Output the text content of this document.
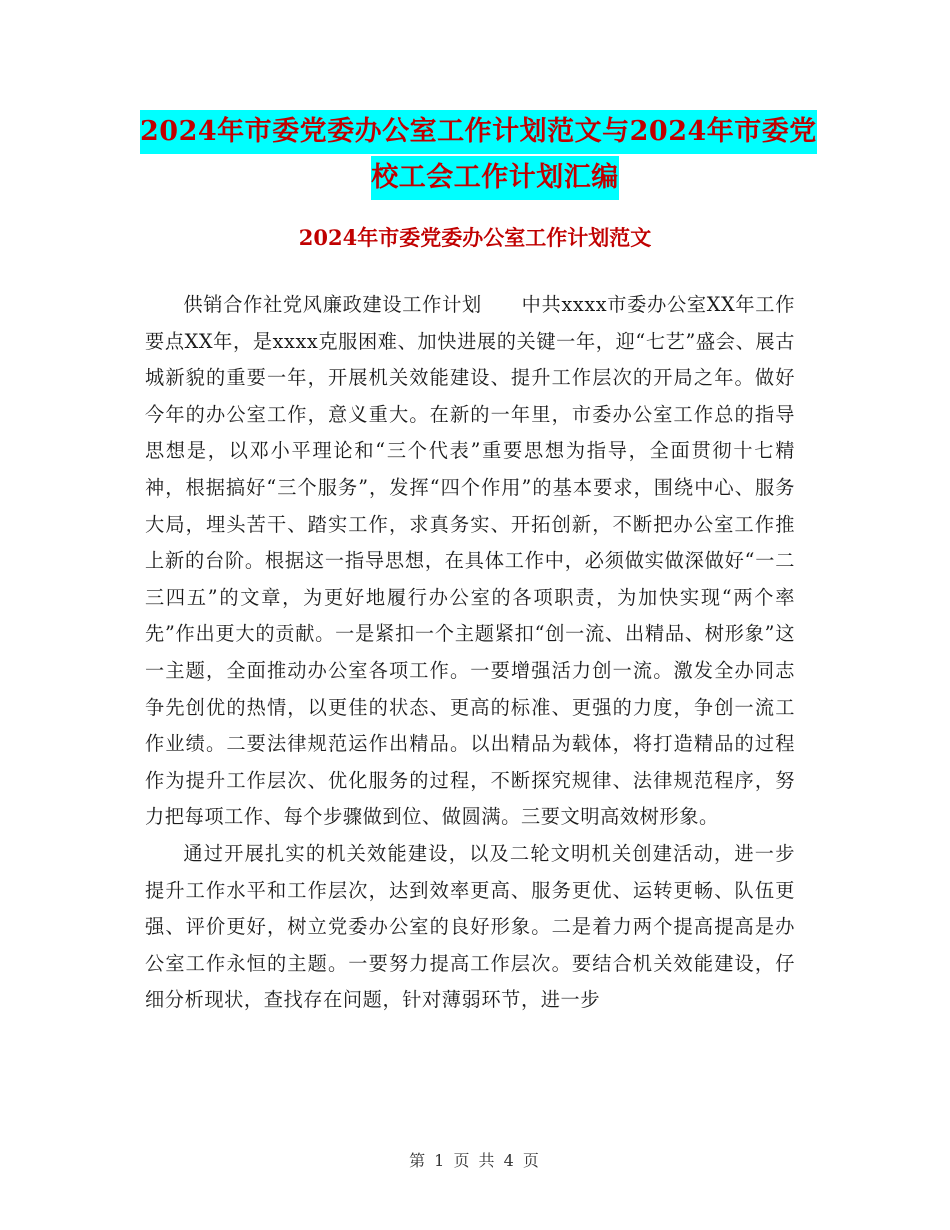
2024年市委党委办公室工作计划范文与2024年市委党
校工会工作计划汇编
2024年市委党委办公室工作计划范文

供销合作社党风廉政建设工作计划　　中共xxxx市委办公室XX年工作要点XX年，是xxxx克服困难、加快进展的关键一年，迎“七艺”盛会、展古城新貌的重要一年，开展机关效能建设、提升工作层次的开局之年。做好今年的办公室工作，意义重大。在新的一年里，市委办公室工作总的指导思想是，以邓小平理论和“三个代表”重要思想为指导，全面贯彻十七精神，根据搞好“三个服务”，发挥“四个作用”的基本要求，围绕中心、服务大局，埋头苦干、踏实工作，求真务实、开拓创新，不断把办公室工作推上新的台阶。根据这一指导思想，在具体工作中，必须做实做深做好“一二三四五”的文章，为更好地履行办公室的各项职责，为加快实现“两个率先”作出更大的贡献。一是紧扣一个主题紧扣“创一流、出精品、树形象”这一主题，全面推动办公室各项工作。一要增强活力创一流。激发全办同志争先创优的热情，以更佳的状态、更高的标准、更强的力度，争创一流工作业绩。二要法律规范运作出精品。以出精品为载体，将打造精品的过程作为提升工作层次、优化服务的过程，不断探究规律、法律规范程序，努力把每项工作、每个步骤做到位、做圆满。三要文明高效树形象。

通过开展扎实的机关效能建设，以及二轮文明机关创建活动，进一步提升工作水平和工作层次，达到效率更高、服务更优、运转更畅、队伍更强、评价更好，树立党委办公室的良好形象。二是着力两个提高提高是办公室工作永恒的主题。一要努力提高工作层次。要结合机关效能建设，仔细分析现状，查找存在问题，针对薄弱环节，进一步

第 1 页 共 4 页
